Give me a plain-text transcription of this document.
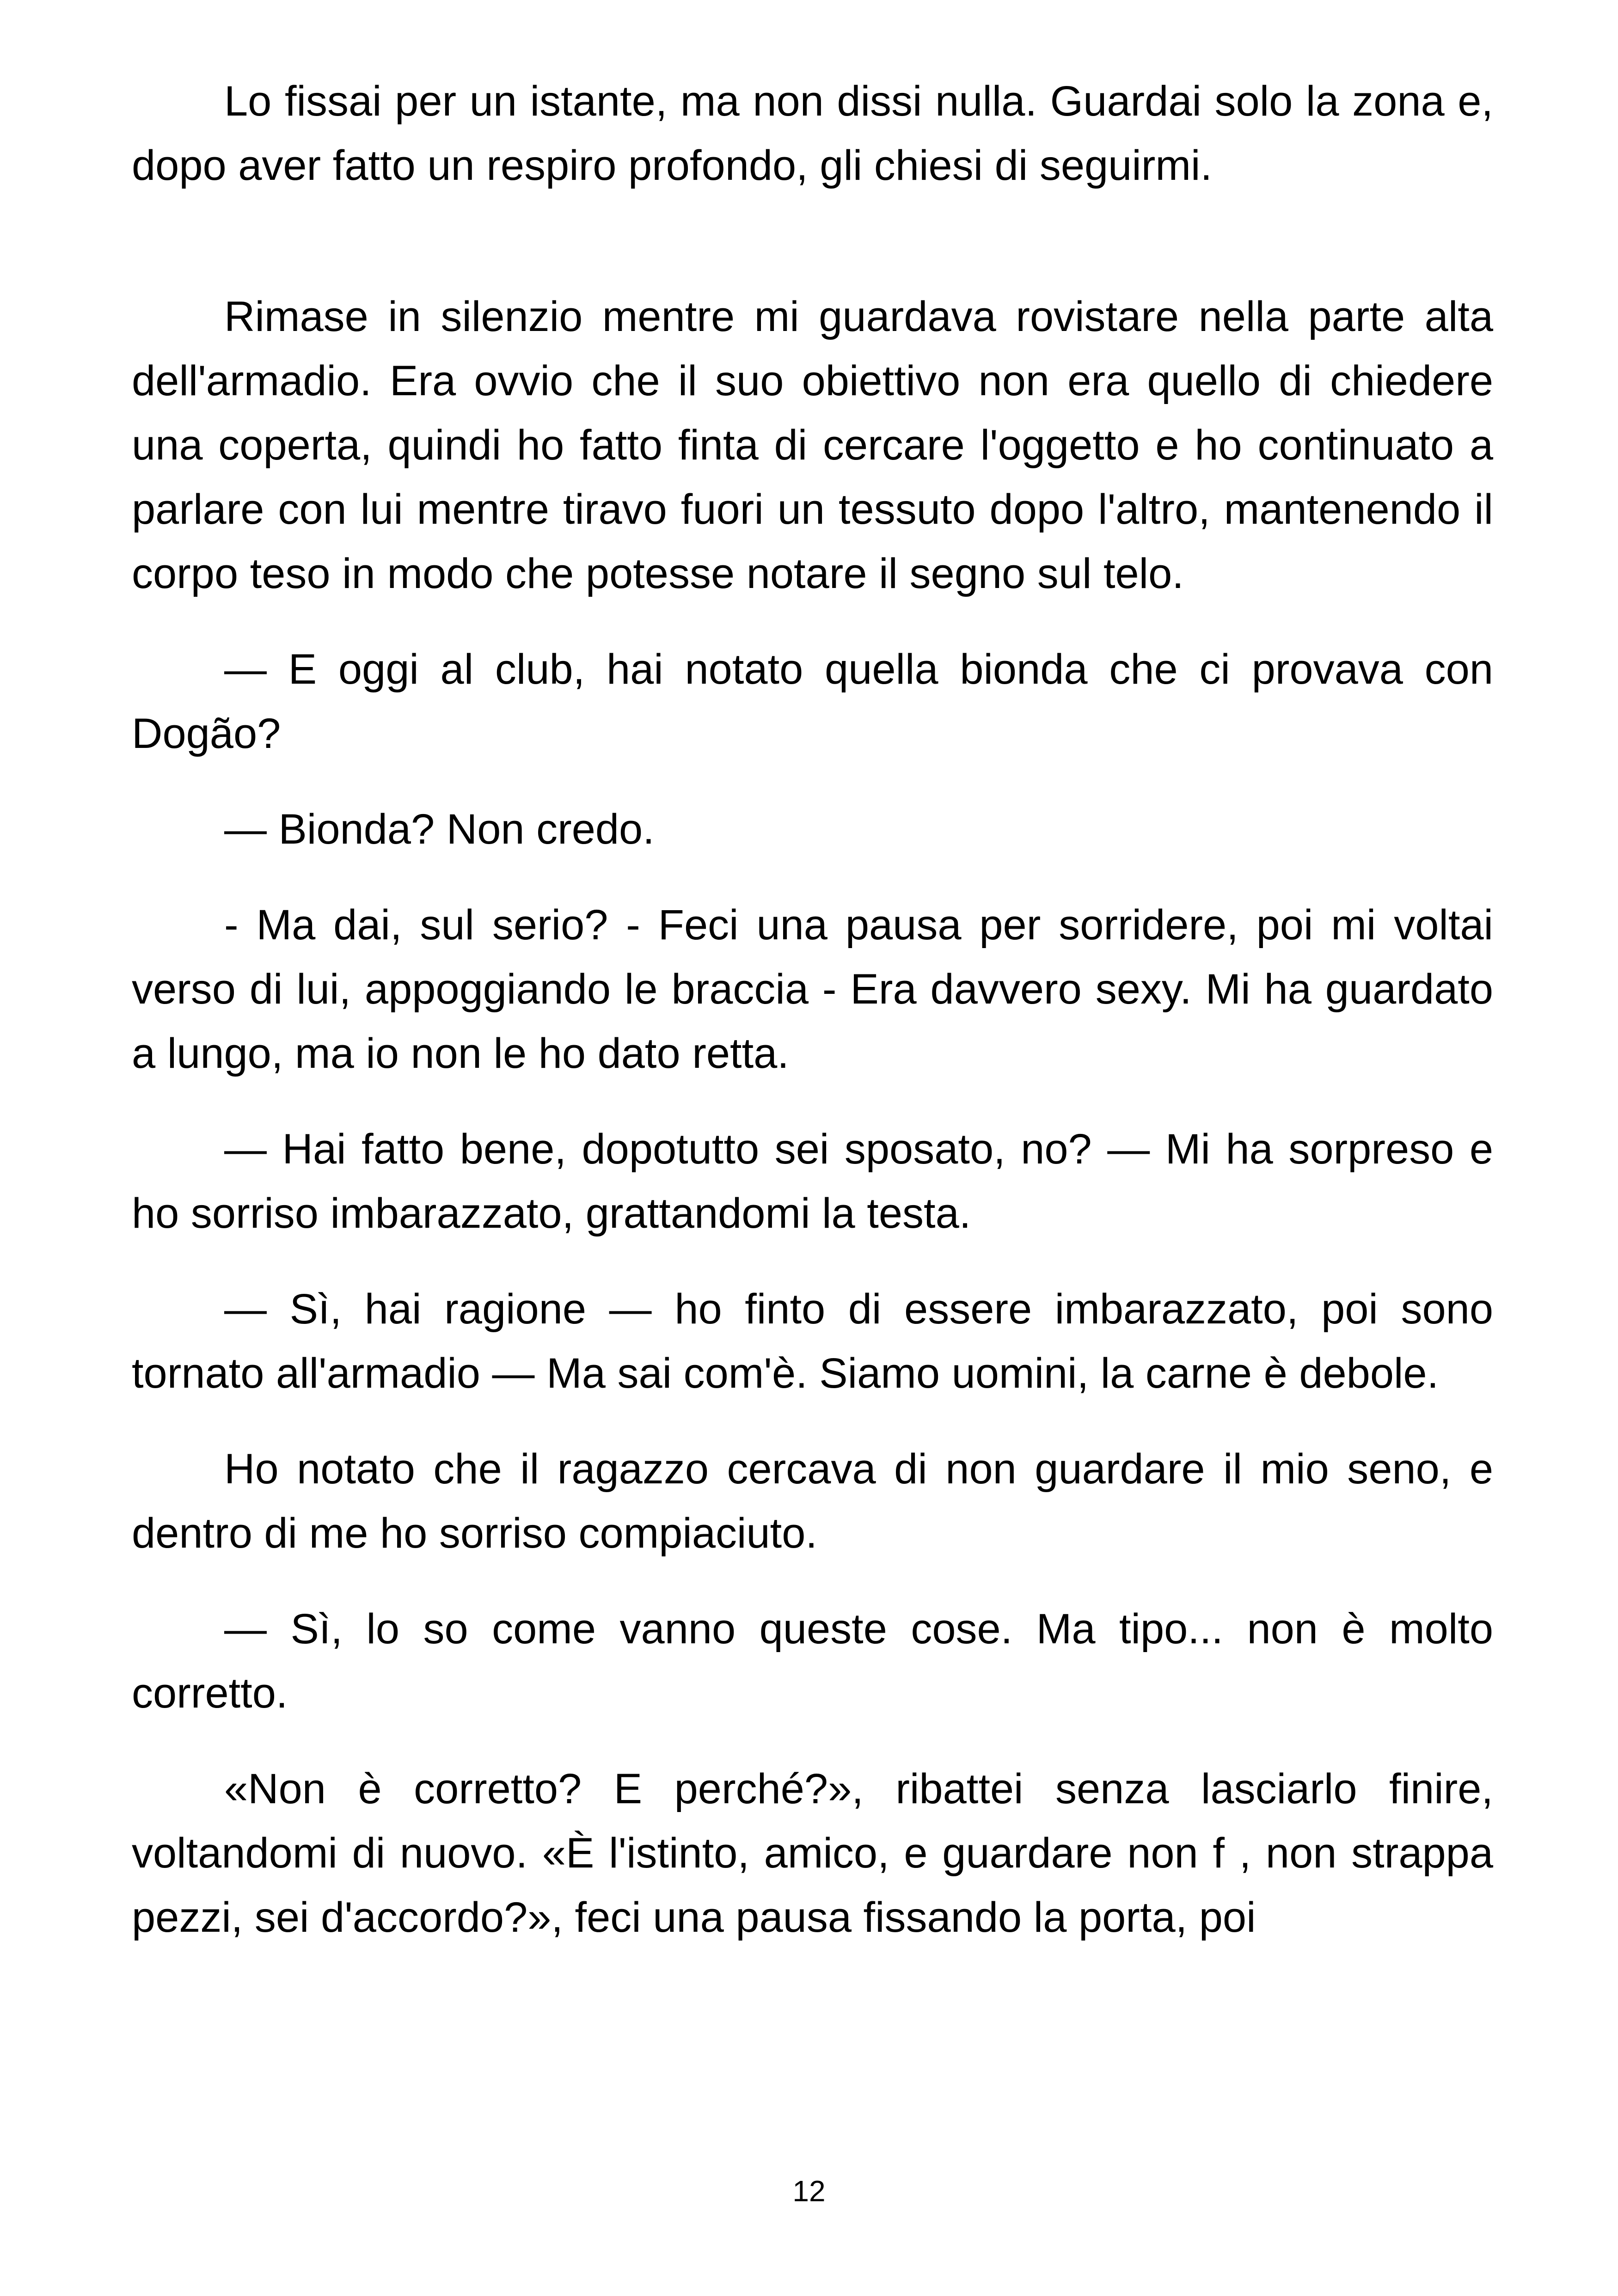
Lo fissai per un istante, ma non dissi nulla. Guardai solo la zona e, dopo aver fatto un respiro profondo, gli chiesi di seguirmi.

Rimase in silenzio mentre mi guardava rovistare nella parte alta dell'armadio. Era ovvio che il suo obiettivo non era quello di chiedere una coperta, quindi ho fatto finta di cercare l'oggetto e ho continuato a parlare con lui mentre tiravo fuori un tessuto dopo l'altro, mantenendo il corpo teso in modo che potesse notare il segno sul telo.

— E oggi al club, hai notato quella bionda che ci provava con Dogão?

— Bionda? Non credo.

- Ma dai, sul serio? - Feci una pausa per sorridere, poi mi voltai verso di lui, appoggiando le braccia - Era davvero sexy. Mi ha guardato a lungo, ma io non le ho dato retta.

— Hai fatto bene, dopotutto sei sposato, no? — Mi ha sorpreso e ho sorriso imbarazzato, grattandomi la testa.

— Sì, hai ragione — ho finto di essere imbarazzato, poi sono tornato all'armadio — Ma sai com'è. Siamo uomini, la carne è debole.

Ho notato che il ragazzo cercava di non guardare il mio seno, e dentro di me ho sorriso compiaciuto.

— Sì, lo so come vanno queste cose. Ma tipo... non è molto corretto.

«Non è corretto? E perché?», ribattei senza lasciarlo finire, voltandomi di nuovo. «È l'istinto, amico, e guardare non f , non strappa pezzi, sei d'accordo?», feci una pausa fissando la porta, poi

12
